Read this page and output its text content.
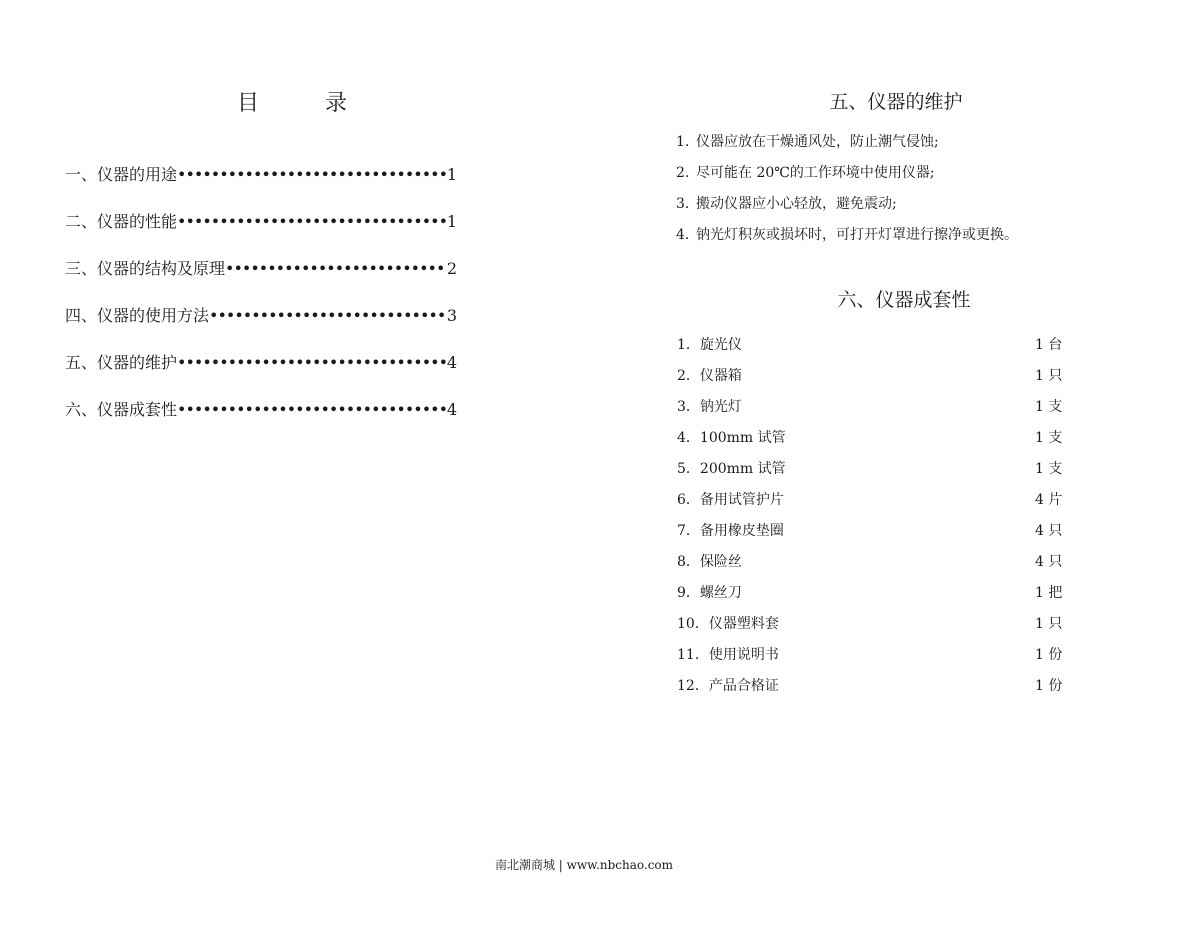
目　录
一、仪器的用途 •••••	1
二、仪器的性能 •••••	1
三、仪器的结构及原理 •••••	2
四、仪器的使用方法 •••••	3
五、仪器的维护 •••••	4
六、仪器成套性 •••••	4
五、仪器的维护
1. 仪器应放在干燥通风处，防止潮气侵蚀;
2. 尽可能在 20℃的工作环境中使用仪器;
3. 搬动仪器应小心轻放，避免震动;
4. 钠光灯积灰或损坏时，可打开灯罩进行擦净或更换。
六、仪器成套性
1．旋光仪	1 台
2．仪器箱	1 只
3．钠光灯	1 支
4．100mm 试管	1 支
5．200mm 试管	1 支
6．备用试管护片	4 片
7．备用橡皮垫圈	4 只
8．保险丝	4 只
9．螺丝刀	1 把
10．仪器塑料套	1 只
11．使用说明书	1 份
12．产品合格证	1 份
南北潮商城 | www.nbchao.com
